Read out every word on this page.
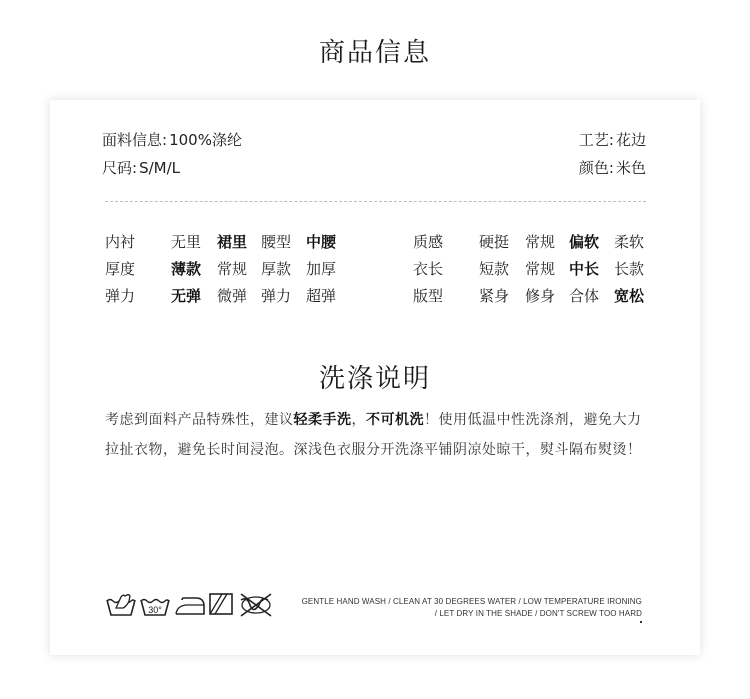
商品信息
面料信息: 100%涤纶
尺码: S/M/L
工艺: 花边
颜色: 米色
内衬 无里 裙里 腰型 中腰
厚度 薄款 常规 厚款 加厚
弹力 无弹 微弹 弹力 超弹
质感 硬挺 常规 偏软 柔软
衣长 短款 常规 中长 长款
版型 紧身 修身 合体 宽松
洗涤说明
考虑到面料产品特殊性，建议轻柔手洗，不可机洗！使用低温中性洗涤剂，避免大力拉扯衣物，避免长时间浸泡。深浅色衣服分开洗涤平铺阴凉处晾干，熨斗隔布熨烫！
30°
GENTLE HAND WASH / CLEAN AT 30 DEGREES WATER / LOW TEMPERATURE IRONING
/ LET DRY IN THE SHADE / DON'T SCREW TOO HARD
